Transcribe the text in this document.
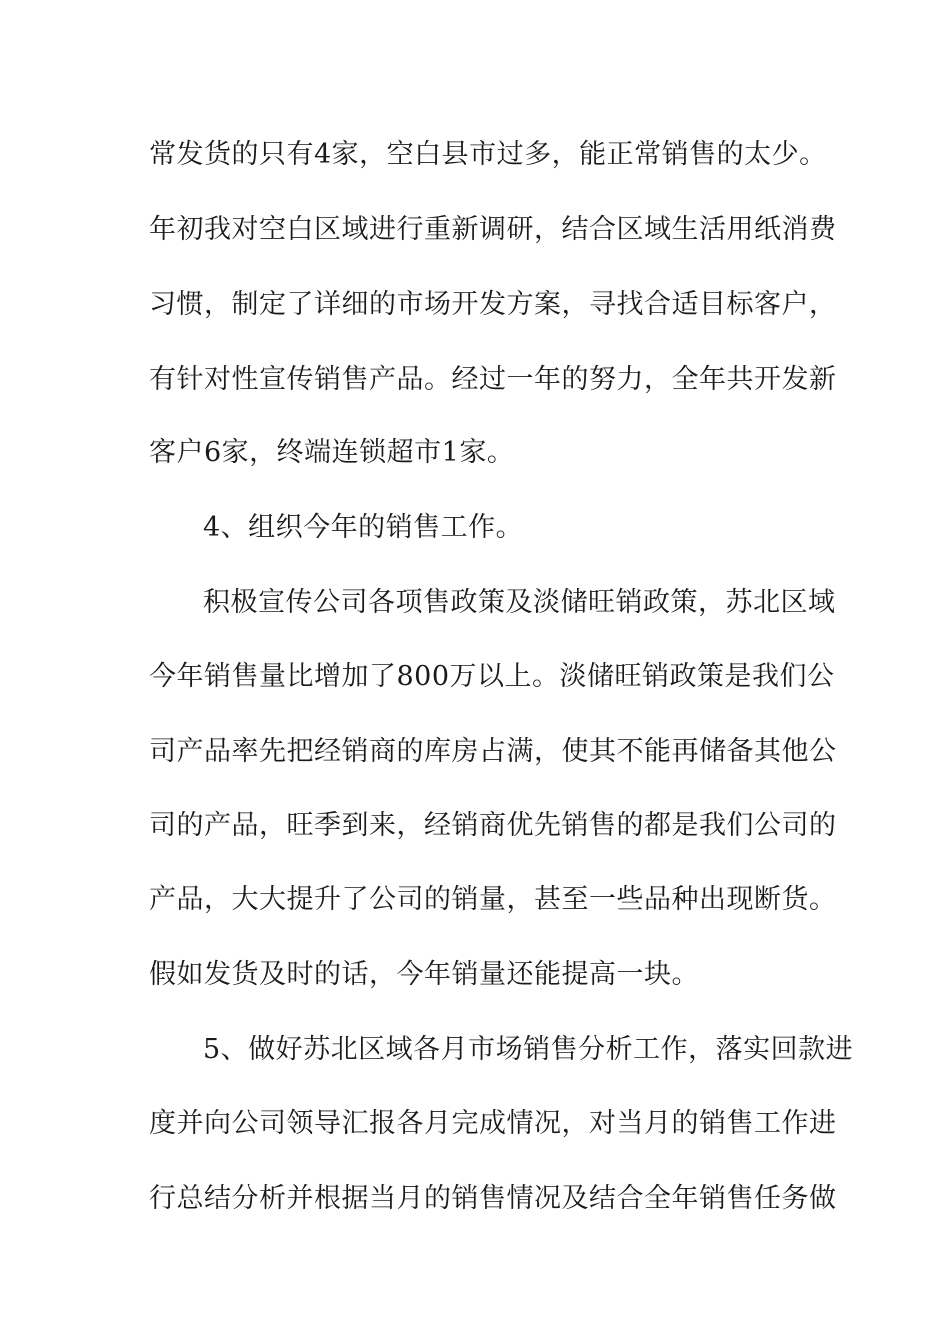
常发货的只有4家，空白县市过多，能正常销售的太少。
年初我对空白区域进行重新调研，结合区域生活用纸消费
习惯，制定了详细的市场开发方案，寻找合适目标客户，
有针对性宣传销售产品。经过一年的努力，全年共开发新
客户6家，终端连锁超市1家。
4、组织今年的销售工作。
积极宣传公司各项售政策及淡储旺销政策，苏北区域
今年销售量比增加了800万以上。淡储旺销政策是我们公
司产品率先把经销商的库房占满，使其不能再储备其他公
司的产品，旺季到来，经销商优先销售的都是我们公司的
产品，大大提升了公司的销量，甚至一些品种出现断货。
假如发货及时的话，今年销量还能提高一块。
5、做好苏北区域各月市场销售分析工作，落实回款进
度并向公司领导汇报各月完成情况，对当月的销售工作进
行总结分析并根据当月的销售情况及结合全年销售任务做
